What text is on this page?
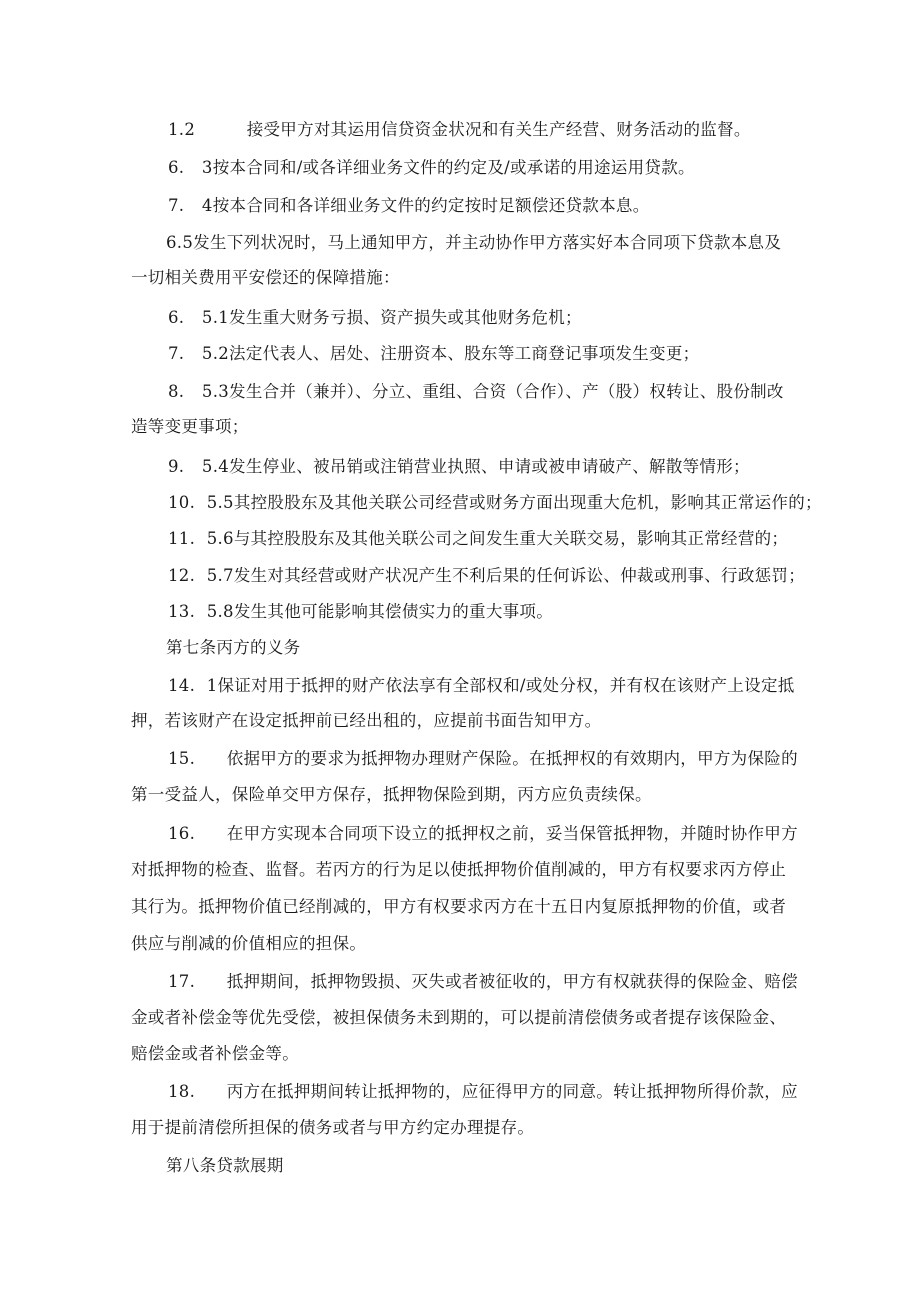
1.2	接受甲方对其运用信贷资金状况和有关生产经营、财务活动的监督。
6. 3按本合同和/或各详细业务文件的约定及/或承诺的用途运用贷款。
7. 4按本合同和各详细业务文件的约定按时足额偿还贷款本息。
6.5发生下列状况时，马上通知甲方，并主动协作甲方落实好本合同项下贷款本息及
一切相关费用平安偿还的保障措施：
6. 5.1发生重大财务亏损、资产损失或其他财务危机；
7. 5.2法定代表人、居处、注册资本、股东等工商登记事项发生变更；
8. 5.3发生合并（兼并）、分立、重组、合资（合作）、产（股）权转让、股份制改
造等变更事项；
9. 5.4发生停业、被吊销或注销营业执照、申请或被申请破产、解散等情形；
10. 5.5其控股股东及其他关联公司经营或财务方面出现重大危机，影响其正常运作的；
11. 5.6与其控股股东及其他关联公司之间发生重大关联交易，影响其正常经营的；
12. 5.7发生对其经营或财产状况产生不利后果的任何诉讼、仲裁或刑事、行政惩罚；
13. 5.8发生其他可能影响其偿债实力的重大事项。
第七条丙方的义务
14. 1保证对用于抵押的财产依法享有全部权和/或处分权，并有权在该财产上设定抵
押，若该财产在设定抵押前已经出租的，应提前书面告知甲方。
15. 依据甲方的要求为抵押物办理财产保险。在抵押权的有效期内，甲方为保险的
第一受益人，保险单交甲方保存，抵押物保险到期，丙方应负责续保。
16. 在甲方实现本合同项下设立的抵押权之前，妥当保管抵押物，并随时协作甲方
对抵押物的检查、监督。若丙方的行为足以使抵押物价值削减的，甲方有权要求丙方停止
其行为。抵押物价值已经削减的，甲方有权要求丙方在十五日内复原抵押物的价值，或者
供应与削减的价值相应的担保。
17. 抵押期间，抵押物毁损、灭失或者被征收的，甲方有权就获得的保险金、赔偿
金或者补偿金等优先受偿，被担保债务未到期的，可以提前清偿债务或者提存该保险金、
赔偿金或者补偿金等。
18. 丙方在抵押期间转让抵押物的，应征得甲方的同意。转让抵押物所得价款，应
用于提前清偿所担保的债务或者与甲方约定办理提存。
第八条贷款展期
